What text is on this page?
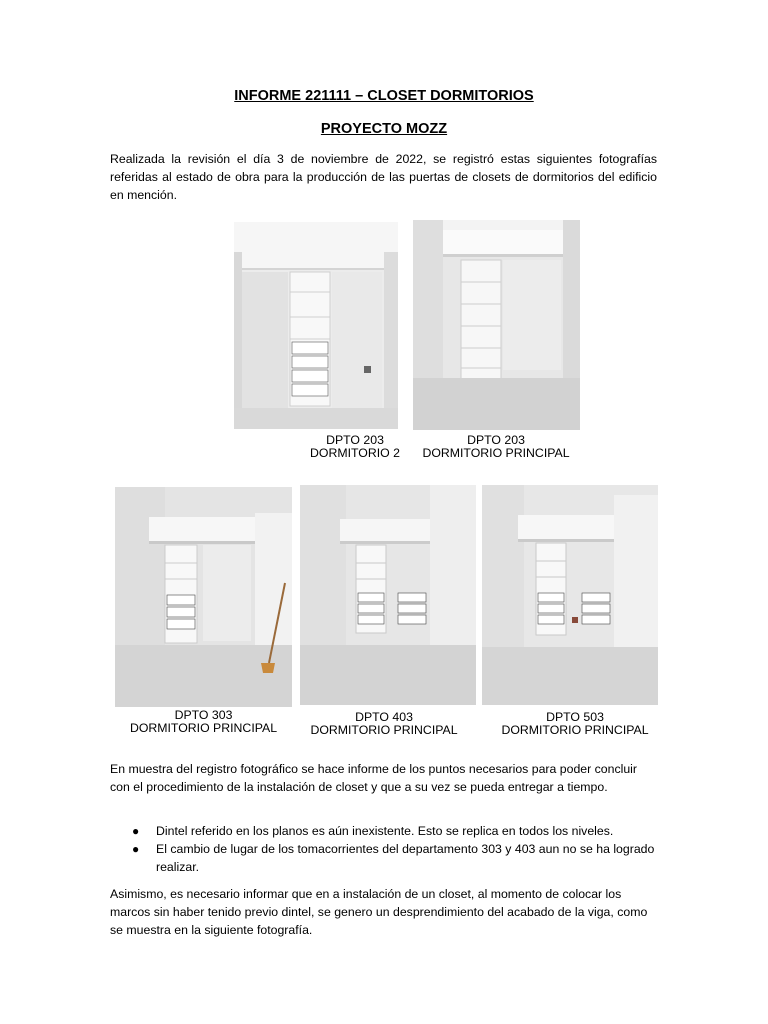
INFORME 221111 – CLOSET DORMITORIOS
PROYECTO MOZZ
Realizada la revisión el día 3 de noviembre de 2022, se registró estas siguientes fotografías referidas al estado de obra para la producción de las puertas de closets de dormitorios del edificio en mención.
DPTO 203
DORMITORIO 2
DPTO 203
DORMITORIO PRINCIPAL
DPTO 303
DORMITORIO PRINCIPAL
DPTO 403
DORMITORIO PRINCIPAL
DPTO 503
DORMITORIO PRINCIPAL
En muestra del registro fotográfico se hace informe de los puntos necesarios para poder concluir con el procedimiento de la instalación de closet y que a su vez se pueda entregar a tiempo.
● Dintel referido en los planos es aún inexistente. Esto se replica en todos los niveles.
● El cambio de lugar de los tomacorrientes del departamento 303 y 403 aun no se ha logrado realizar.
Asimismo, es necesario informar que en a instalación de un closet, al momento de colocar los marcos sin haber tenido previo dintel, se genero un desprendimiento del acabado de la viga, como se muestra en la siguiente fotografía.
